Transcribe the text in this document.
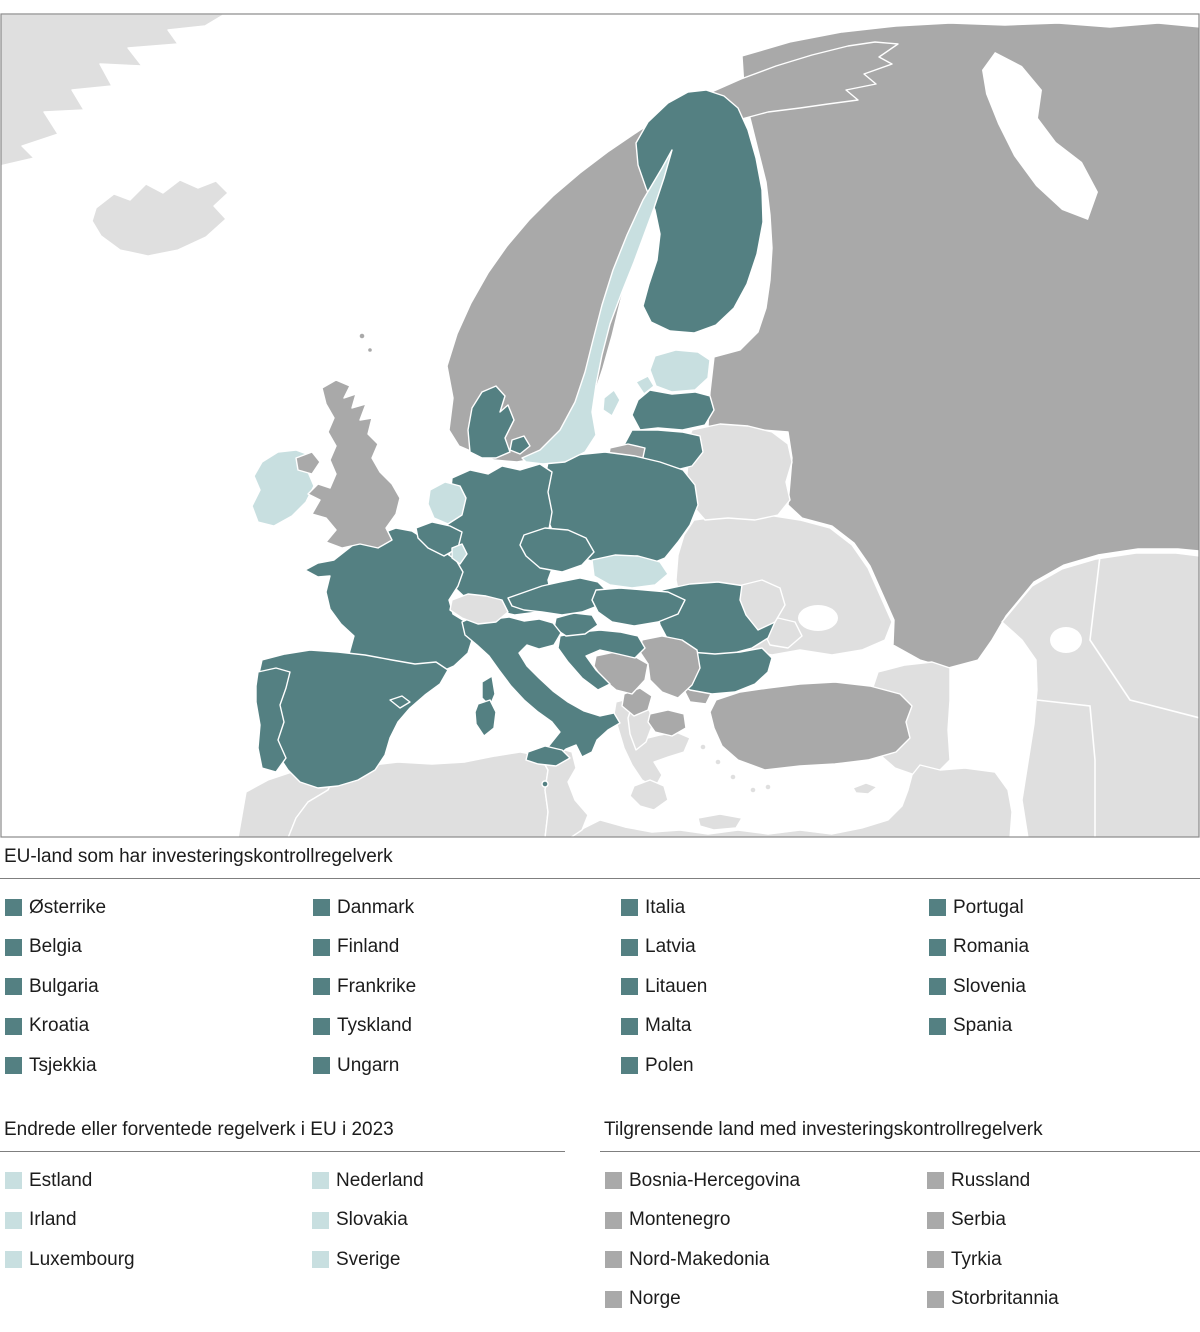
EU-land som har investeringskontrollregelverk
Østerrike
Belgia
Bulgaria
Kroatia
Tsjekkia
Danmark
Finland
Frankrike
Tyskland
Ungarn
Italia
Latvia
Litauen
Malta
Polen
Portugal
Romania
Slovenia
Spania
Endrede eller forventede regelverk i EU i 2023
Estland
Irland
Luxembourg
Nederland
Slovakia
Sverige
Tilgrensende land med investeringskontrollregelverk
Bosnia-Hercegovina
Montenegro
Nord-Makedonia
Norge
Russland
Serbia
Tyrkia
Storbritannia
